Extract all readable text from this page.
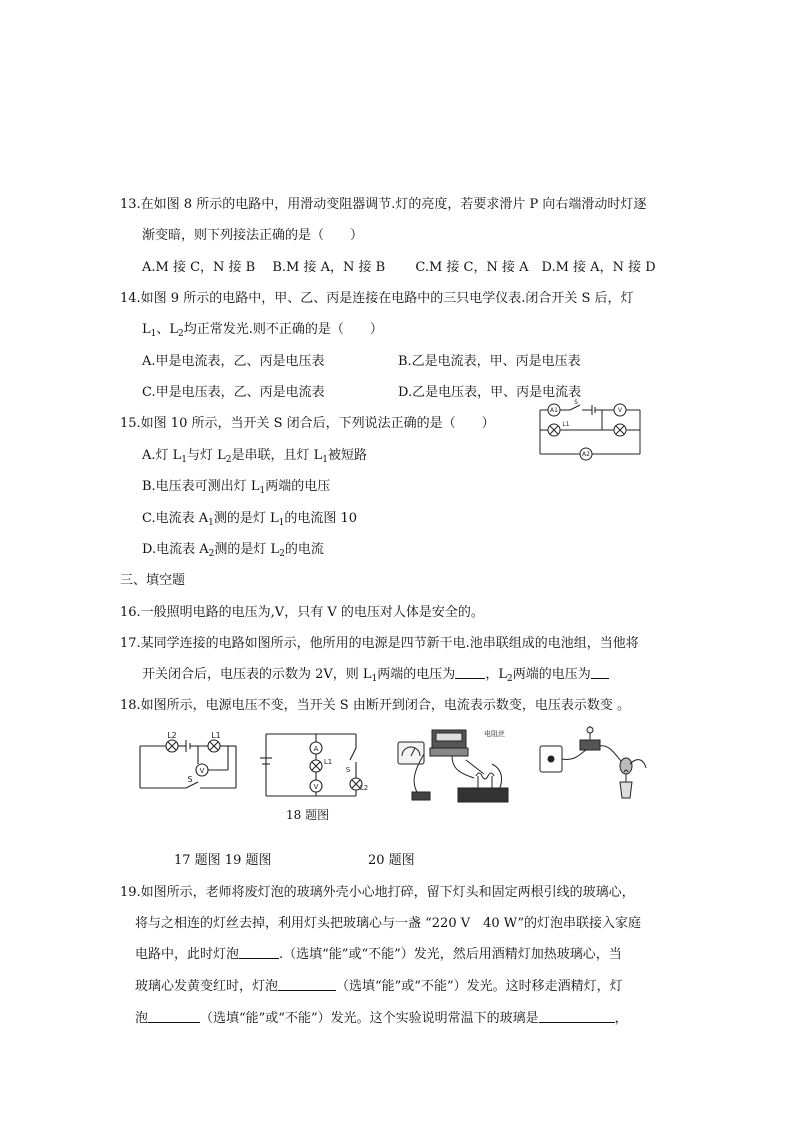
13.在如图 8 所示的电路中，用滑动变阻器调节.灯的亮度，若要求滑片 P 向右端滑动时灯逐
渐变暗，则下列接法正确的是（　　）
A.M 接 C，N 接 B　 B.M 接 A，N 接 B　　 C.M 接 C，N 接 A　D.M 接 A，N 接 D
14.如图 9 所示的电路中，甲、乙、丙是连接在电路中的三只电学仪表.闭合开关 S 后，灯
$L_1$、$L_2$均正常发光.则不正确的是（　　）
A.甲是电流表，乙、丙是电压表	B.乙是电流表，甲、丙是电压表
C.甲是电压表，乙、丙是电流表	D.乙是电压表，甲、丙是电流表
15.如图 10 所示，当开关 S 闭合后，下列说法正确的是（　　）
A.灯 $L_1$与灯 $L_2$是串联，且灯 $L_1$被短路
B.电压表可测出灯 $L_1$两端的电压
C.电流表 $A_1$测的是灯 $L_1$的电流图 10
D.电流表 $A_2$测的是灯 $L_2$的电流
A1	V
A2
L1
S
三、填空题
16.一般照明电路的电压为,V，只有 V 的电压对人体是安全的。
17.某同学连接的电路如图所示，他所用的电源是四节新干电.池串联组成的电池组，当他将
开关闭合后，电压表的示数为 2V，则 $L_1$两端的电压为 ，$L_2$两端的电压为
18.如图所示，电源电压不变，当开关 S 由断开到闭合，电流表示数变，电压表示数变 。
L2	L1
V
S
A
V
L1
L2
S
18 题图
电阻丝
17 题图 19 题图	20 题图
19.如图所示，老师将废灯泡的玻璃外壳小心地打碎，留下灯头和固定两根引线的玻璃心，
将与之相连的灯丝去掉，利用灯头把玻璃心与一盏 “220 V　40 W”的灯泡串联接入家庭
电路中，此时灯泡	.（选填“能”或“不能”）发光，然后用酒精灯加热玻璃心，当
玻璃心发黄变红时，灯泡	（选填“能”或“不能”）发光。这时移走酒精灯，灯
泡	（选填“能”或“不能”）发光。这个实验说明常温下的玻璃是	，
